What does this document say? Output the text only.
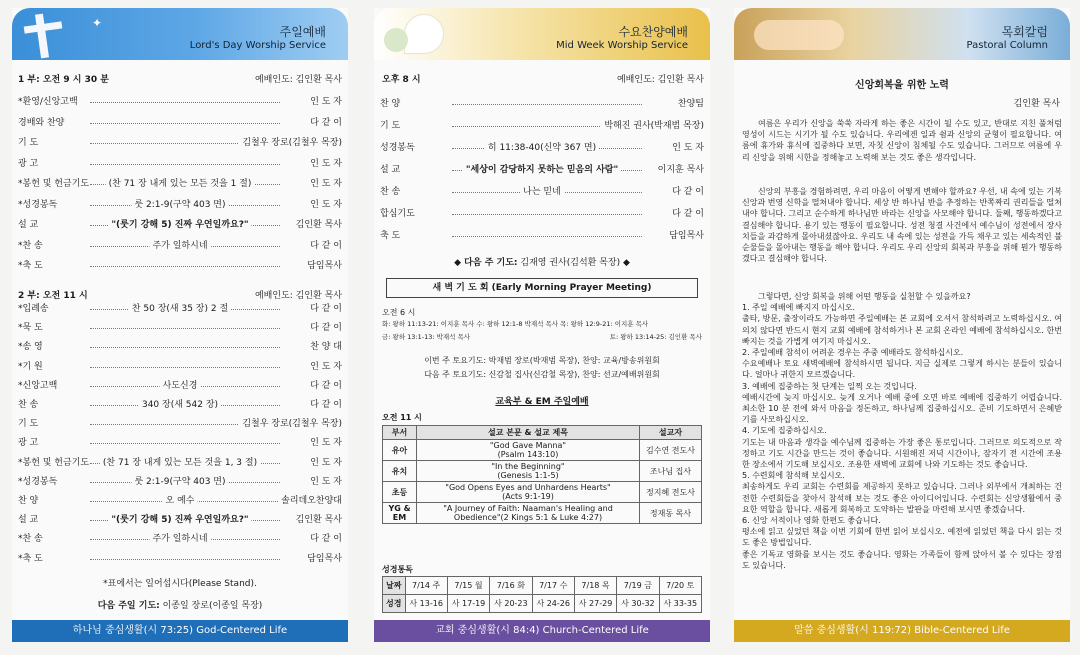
✦
주일예배
Lord's Day Worship Service
1 부: 오전 9 시 30 분	예배인도: 김인환 목사
*환영/신앙고백	인 도 자
경배와 찬양	다 같 이
기 도	김철우 장로(김철우 목장)
광 고	인 도 자
*봉헌 및 헌금기도	(찬 71 장 내게 있는 모든 것을 1 절)	인 도 자
*성경봉독	룻 2:1-9(구약 403 면)	인 도 자
설 교	"(룻기 강해 5) 진짜 우연일까요?"	김인환 목사
*찬 송	주가 일하시네	다 같 이
*축 도	담임목사
2 부: 오전 11 시	예배인도: 김인환 목사
*입례송	찬 50 장(새 35 장) 2 절	다 같 이
*묵 도	다 같 이
*송 영	찬 양 대
*기 원	인 도 자
*신앙고백	사도신경	다 같 이
찬 송	340 장(새 542 장)	다 같 이
기 도	김철우 장로(김철우 목장)
광 고	인 도 자
*봉헌 및 헌금기도	(찬 71 장 내게 있는 모든 것을 1, 3 절)	인 도 자
*성경봉독	룻 2:1-9(구약 403 면)	인 도 자
찬 양	오 예수	솔리데오찬양대
설 교	"(룻기 강해 5) 진짜 우연일까요?"	김인환 목사
*찬 송	주가 일하시네	다 같 이
*축 도	담임목사
*표에서는 일어섭시다(Please Stand).
다음 주일 기도: 이종일 장로(이종일 목장)
하나님 중심생활(시 73:25) God-Centered Life
수요찬양예배
Mid Week Worship Service
오후 8 시	예배인도: 김인환 목사
찬 양	찬양팀
기 도	박해진 권사(박재범 목장)
성경봉독	히 11:38-40(신약 367 면)	인 도 자
설 교	"세상이 감당하지 못하는 믿음의 사람"	이지훈 목사
찬 송	나는 믿네	다 같 이
합심기도	다 같 이
축 도	담임목사
◆ 다음 주 기도: 김재영 권사(김석환 목장) ◆
새 벽 기 도 회 (Early Morning Prayer Meeting)
오전 6 시
화: 왕하 11:13-21: 이지훈 목사 수: 왕하 12:1-8 박재석 목사 목: 왕하 12:9-21: 이지훈 목사
금: 왕하 13:1-13: 박재석 목사	토: 왕하 13:14-25: 김인환 목사
이번 주 토요기도: 박재범 장로(박재범 목장), 찬양: 교육/방송위원회
다음 주 토요기도: 신감철 집사(신감철 목장), 찬양: 선교/예배위원회
교육부 & EM 주일예배
오전 11 시
부서	설교 본문 & 설교 제목	설교자
유아	"God Gave Manna"
(Psalm 143:10)	김수연 전도사
유치	"In the Beginning"
(Genesis 1:1-5)	조나님 집사
초등	"God Opens Eyes and Unhardens Hearts"
(Acts 9:1-19)	정지혜 전도사
YG & EM	"A Journey of Faith: Naaman's Healing and
Obedience"(2 Kings 5:1 & Luke 4:27)	정재동 목사
성경통독
날짜	7/14 주	7/15 월	7/16 화	7/17 수	7/18 목	7/19 금	7/20 토
성경	사 13-16	사 17-19	사 20-23	사 24-26	사 27-29	사 30-32	사 33-35
교회 중심생활(시 84:4) Church-Centered Life
목회칼럼
Pastoral Column
신앙회복을 위한 노력
김인환 목사
여름은 우리가 신앙을 쑥쑥 자라게 하는 좋은 시간이 될 수도 있고, 반대로 지친 풀처럼 영성이 시드는 시기가 될 수도 있습니다. 우리에겐 일과 쉼과 신앙의 균형이 필요합니다. 여름에 휴가와 휴식에 집중하다 보면, 자칫 신앙이 침체될 수도 있습니다. 그러므로 여름에 우리 신앙을 위해 시한을 정해놓고 노력해 보는 것도 좋은 생각입니다.
신앙의 부흥을 경험하려면, 우리 마음이 어떻게 변해야 할까요? 우선, 내 속에 있는 기복 신앙과 번영 신학을 떨쳐내야 합니다. 세상 반 하나님 반을 추정하는 반쪽짜리 권리들을 떨쳐내야 합니다. 그리고 순수하게 하나님만 바라는 신앙을 사모해야 합니다. 둘째, 행동하겠다고 결심해야 합니다. 용기 있는 행동이 필요합니다. 성전 청결 사건에서 예수님이 성전에서 장사치들을 과감하게 몰아내셨잖아요. 우리도 내 속에 있는 성전을 가득 채우고 있는 세속적인 불순물들을 몰아내는 행동을 해야 합니다. 우리도 우리 신앙의 회복과 부흥을 위해 뭔가 행동하겠다고 결심해야 합니다.
그렇다면, 신앙 회복을 위해 어떤 행동을 실천할 수 있을까요?
1. 주일 예배에 빠지지 마십시오.
출타, 방문, 출장이라도 가능하면 주일예배는 본 교회에 오셔서 참석하려고 노력하십시오. 여의치 않다면 반드시 현지 교회 예배에 참석하거나 본 교회 온라인 예배에 참석하십시오. 한번 빠지는 것을 가볍게 여기지 마십시오.
2. 주일예배 참석이 어려운 경우는 주중 예배라도 참석하십시오.
수요예배나 토요 새벽예배에 참석하시면 됩니다. 지금 실제로 그렇게 하시는 분들이 있습니다. 얼마나 귀한지 모르겠습니다.
3. 예배에 집중하는 첫 단계는 일찍 오는 것입니다.
예배시간에 늦지 마십시오. 늦게 오거나 예배 중에 오면 바로 예배에 집중하기 어렵습니다. 최소한 10 분 전에 와서 마음을 정돈하고, 하나님께 집중하십시오. 준비 기도하면서 은혜받기를 사모하십시오.
4. 기도에 집중하십시오.
기도는 내 마음과 생각을 예수님께 집중하는 가장 좋은 통로입니다. 그러므로 의도적으로 작정하고 기도 시간을 만드는 것이 좋습니다. 시원해진 저녁 시간이나, 잠자기 전 시간에 조용한 장소에서 기도해 보십시오. 조용한 새벽에 교회에 나와 기도하는 것도 좋습니다.
5. 수련회에 참석해 보십시오.
최송하게도 우리 교회는 수련회를 제공하지 못하고 있습니다. 그러나 외부에서 개최하는 건전한 수련회들을 찾아서 참석해 보는 것도 좋은 아이디어입니다. 수련회는 신앙생활에서 중요한 역할을 합니다. 새롭게 회복하고 도약하는 발판을 마련해 보시면 좋겠습니다.
6. 신앙 서적이나 영화 한편도 좋습니다.
평소에 읽고 싶었던 책을 이번 기회에 한번 읽어 보십시오. 예전에 읽었던 책을 다시 읽는 것도 좋은 방법입니다.
좋은 기독교 영화를 보시는 것도 좋습니다. 영화는 가족들이 함께 앉아서 볼 수 있다는 장점도 있습니다.
말씀 중심생활(시 119:72) Bible-Centered Life
